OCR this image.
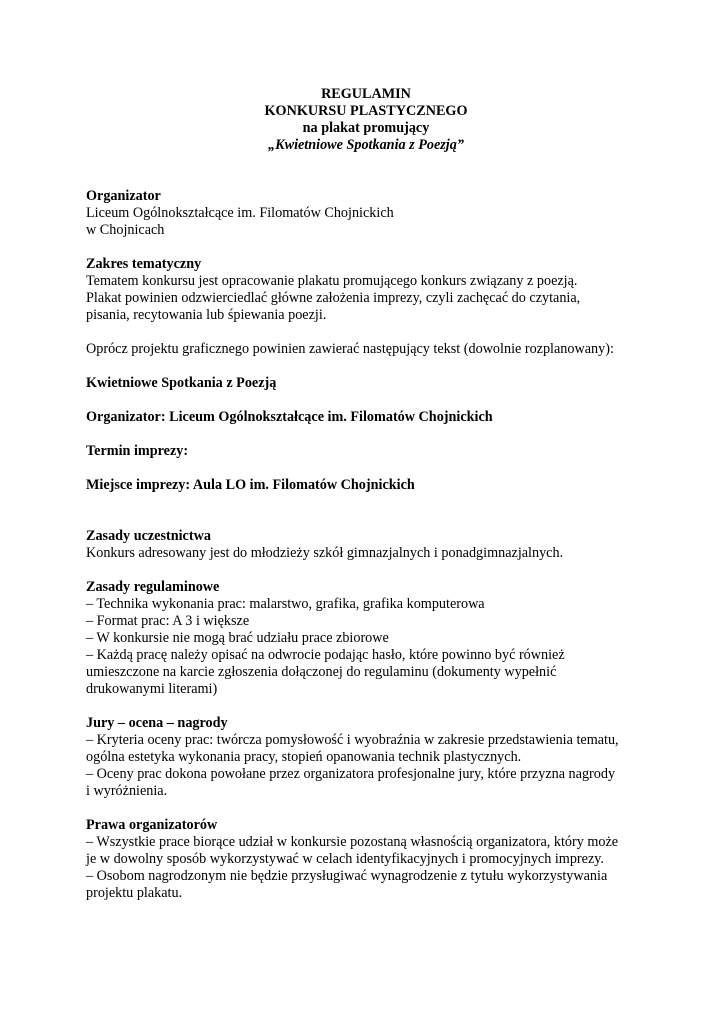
REGULAMIN
KONKURSU PLASTYCZNEGO
na plakat promujący
„Kwietniowe Spotkania z Poezją”
Organizator
Liceum Ogólnokształcące im. Filomatów Chojnickich
w Chojnicach
Zakres tematyczny
Tematem konkursu jest opracowanie plakatu promującego konkurs związany z poezją.
Plakat powinien odzwierciedlać główne założenia imprezy, czyli zachęcać do czytania,
pisania, recytowania lub śpiewania poezji.
Oprócz projektu graficznego powinien zawierać następujący tekst (dowolnie rozplanowany):
Kwietniowe Spotkania z Poezją
Organizator: Liceum Ogólnokształcące im. Filomatów Chojnickich
Termin imprezy:
Miejsce imprezy: Aula LO im. Filomatów Chojnickich
Zasady uczestnictwa
Konkurs adresowany jest do młodzieży szkół gimnazjalnych i ponadgimnazjalnych.
Zasady regulaminowe
– Technika wykonania prac: malarstwo, grafika, grafika komputerowa
– Format prac: A 3 i większe
– W konkursie nie mogą brać udziału prace zbiorowe
– Każdą pracę należy opisać na odwrocie podając hasło, które powinno być również
umieszczone na karcie zgłoszenia dołączonej do regulaminu (dokumenty wypełnić
drukowanymi literami)
Jury – ocena – nagrody
– Kryteria oceny prac: twórcza pomysłowość i wyobraźnia w zakresie przedstawienia tematu,
ogólna estetyka wykonania pracy, stopień opanowania technik plastycznych.
– Oceny prac dokona powołane przez organizatora profesjonalne jury, które przyzna nagrody
i wyróżnienia.
Prawa organizatorów
– Wszystkie prace biorące udział w konkursie pozostaną własnością organizatora, który może
je w dowolny sposób wykorzystywać w celach identyfikacyjnych i promocyjnych imprezy.
– Osobom nagrodzonym nie będzie przysługiwać wynagrodzenie z tytułu wykorzystywania
projektu plakatu.
